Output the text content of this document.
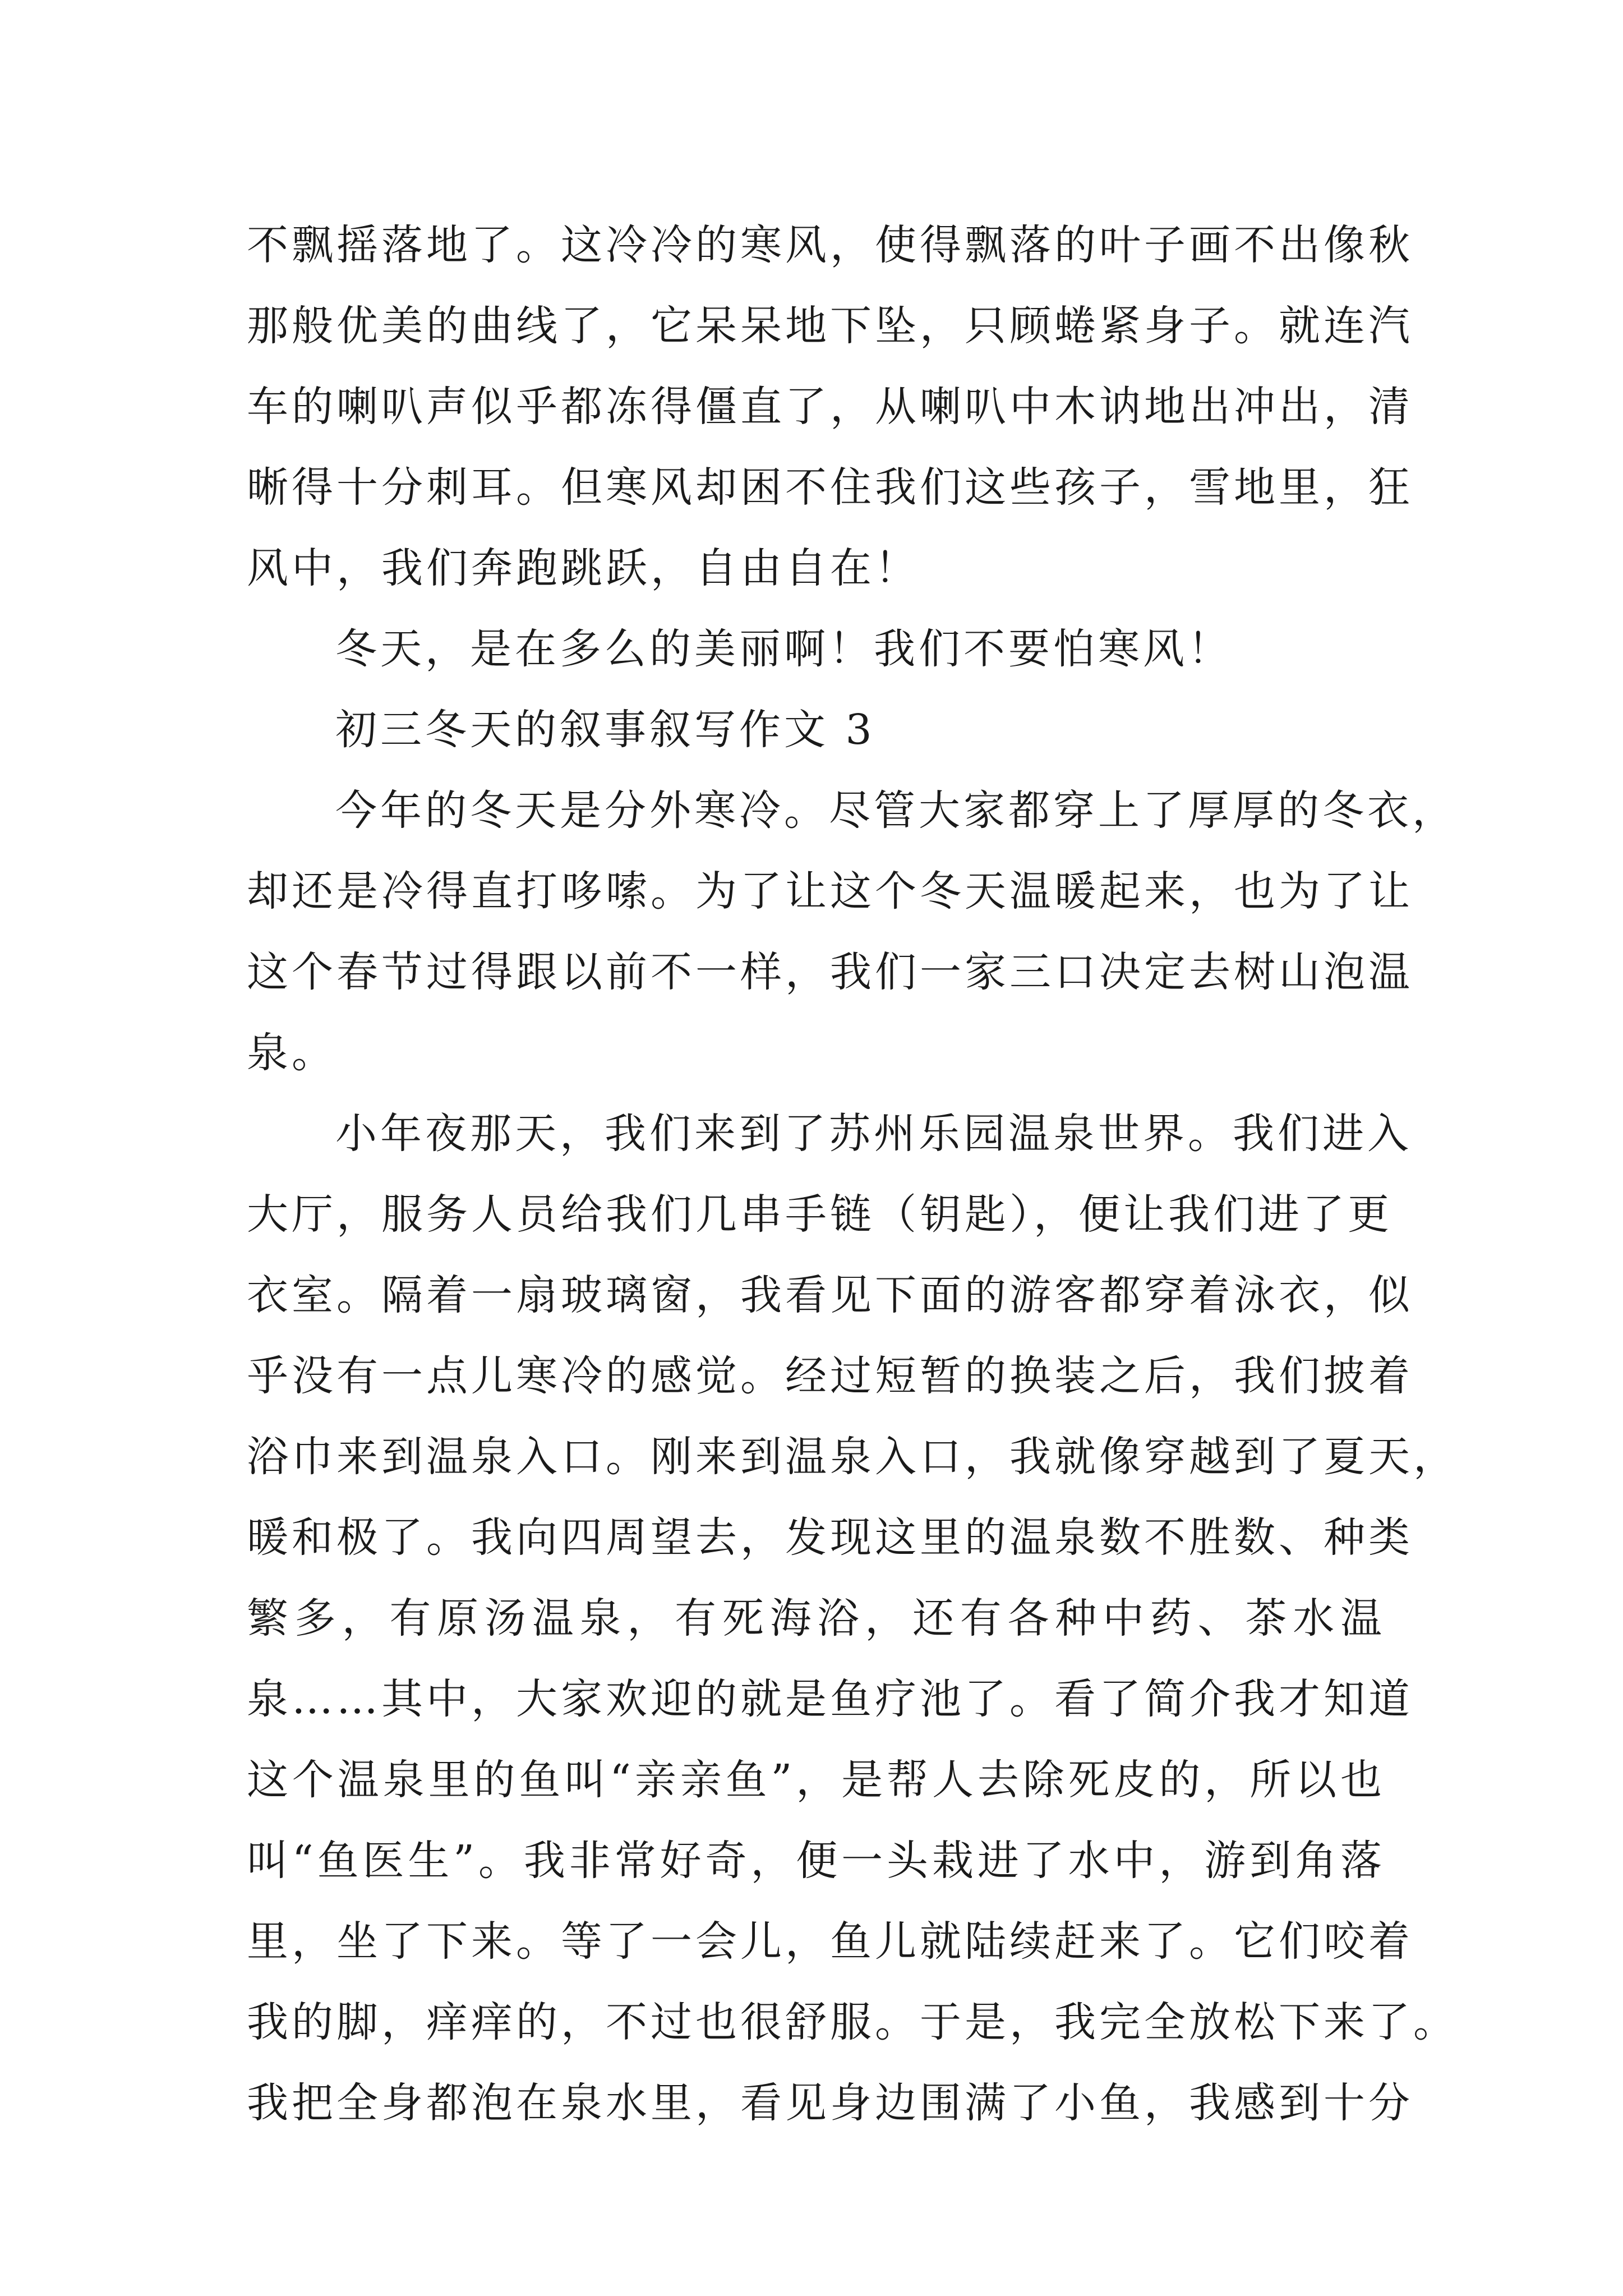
不飘摇落地了。这冷冷的寒风，使得飘落的叶子画不出像秋
那般优美的曲线了，它呆呆地下坠，只顾蜷紧身子。就连汽
车的喇叭声似乎都冻得僵直了，从喇叭中木讷地出冲出，清
晰得十分刺耳。但寒风却困不住我们这些孩子，雪地里，狂
风中，我们奔跑跳跃，自由自在！
冬天，是在多么的美丽啊！我们不要怕寒风！
初三冬天的叙事叙写作文 3
今年的冬天是分外寒冷。尽管大家都穿上了厚厚的冬衣，
却还是冷得直打哆嗦。为了让这个冬天温暖起来，也为了让
这个春节过得跟以前不一样，我们一家三口决定去树山泡温
泉。
小年夜那天，我们来到了苏州乐园温泉世界。我们进入
大厅，服务人员给我们几串手链（钥匙），便让我们进了更
衣室。隔着一扇玻璃窗，我看见下面的游客都穿着泳衣，似
乎没有一点儿寒冷的感觉。经过短暂的换装之后，我们披着
浴巾来到温泉入口。刚来到温泉入口，我就像穿越到了夏天，
暖和极了。我向四周望去，发现这里的温泉数不胜数、种类
繁多，有原汤温泉，有死海浴，还有各种中药、茶水温
泉……其中，大家欢迎的就是鱼疗池了。看了简介我才知道
这个温泉里的鱼叫“亲亲鱼”，是帮人去除死皮的，所以也
叫“鱼医生”。我非常好奇，便一头栽进了水中，游到角落
里，坐了下来。等了一会儿，鱼儿就陆续赶来了。它们咬着
我的脚，痒痒的，不过也很舒服。于是，我完全放松下来了。
我把全身都泡在泉水里，看见身边围满了小鱼，我感到十分
